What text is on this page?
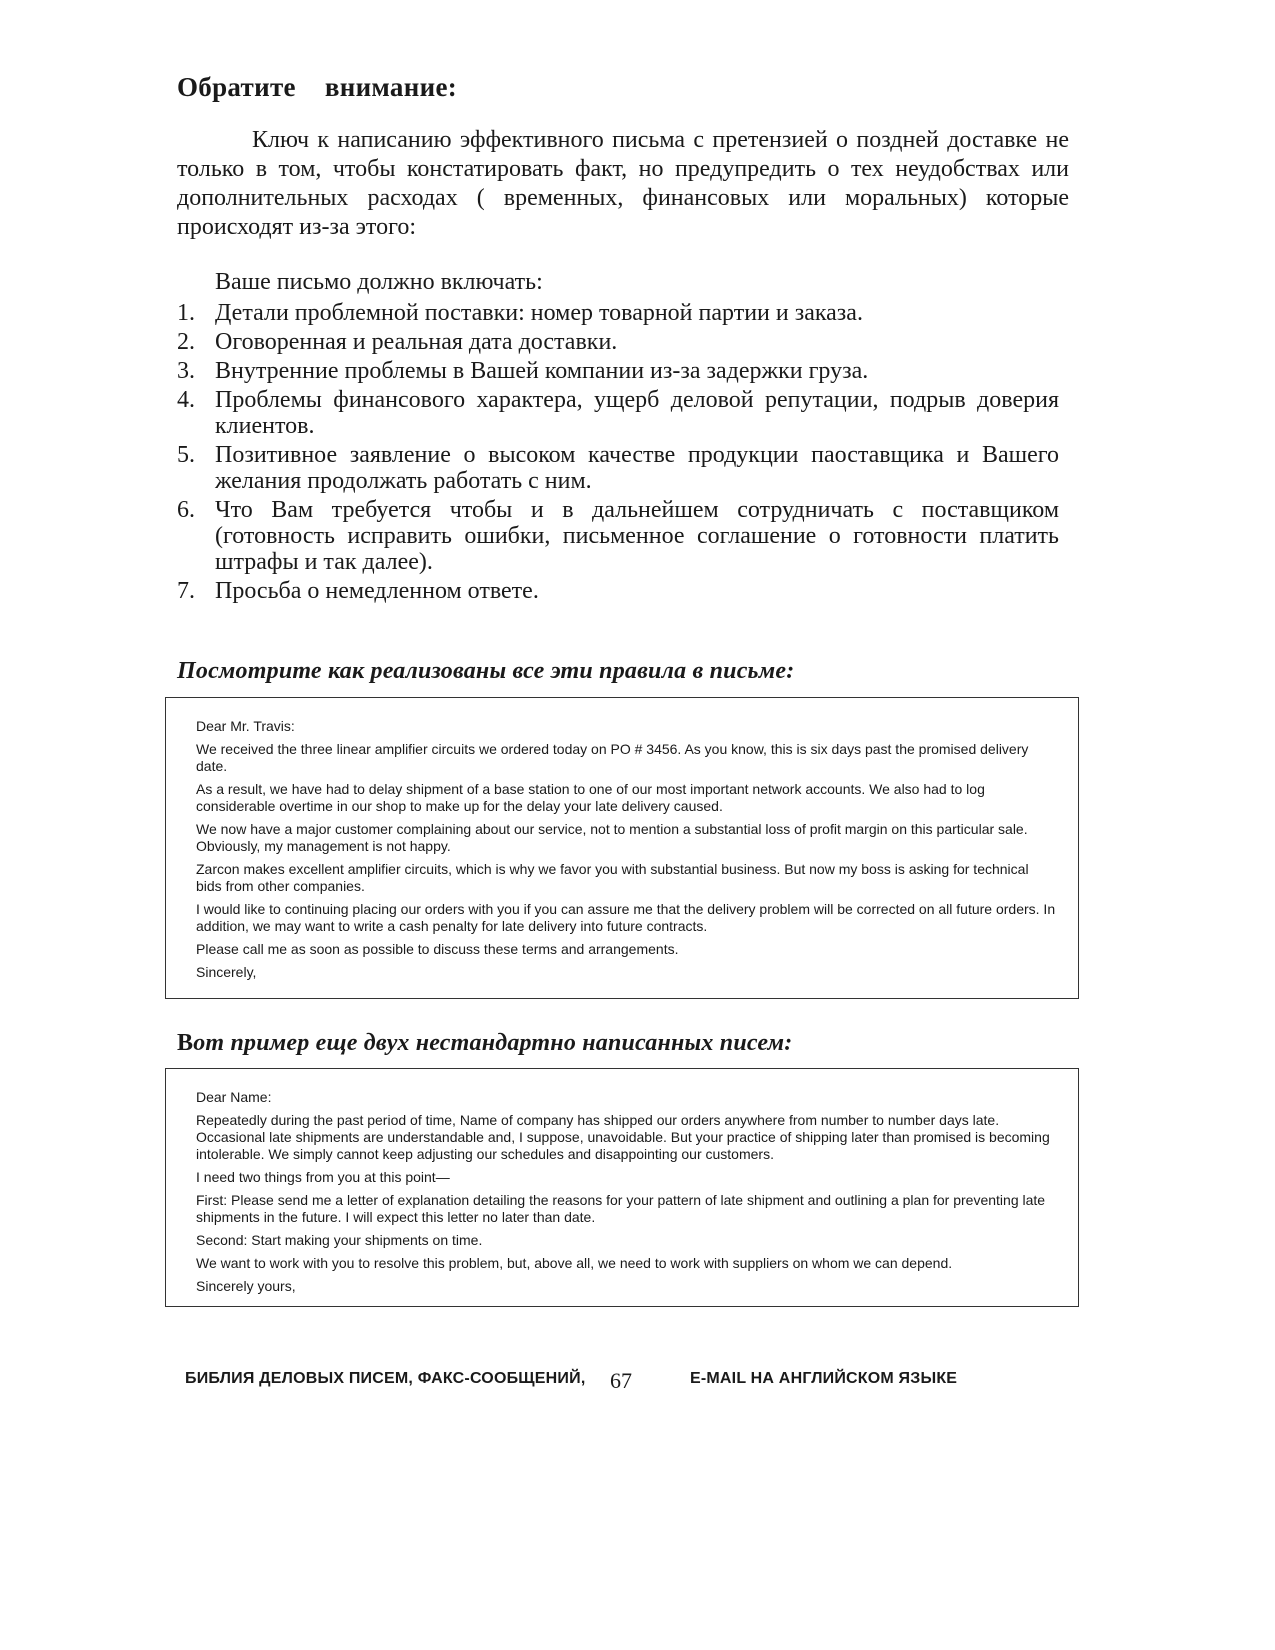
Обратите внимание:

Ключ к написанию эффективного письма с претензией о поздней доставке не только в том, чтобы констатировать факт, но предупредить о тех неудобствах или дополнительных расходах ( временных, финансовых или моральных) которые происходят из-за этого:

Ваше письмо должно включать:

1. Детали проблемной поставки: номер товарной партии и заказа.
2. Оговоренная и реальная дата доставки.
3. Внутренние проблемы в Вашей компании из-за задержки груза.
4. Проблемы финансового характера, ущерб деловой репутации, подрыв доверия клиентов.
5. Позитивное заявление о высоком качестве продукции паоставщика и Вашего желания продолжать работать с ним.
6. Что Вам требуется чтобы и в дальнейшем сотрудничать с поставщиком (готовность исправить ошибки, письменное соглашение о готовности платить штрафы и так далее).
7. Просьба о немедленном ответе.
Посмотрите как реализованы все эти правила в письме:

Dear Mr. Travis:

We received the three linear amplifier circuits we ordered today on PO # 3456. As you know, this is six days past the promised delivery date.

As a result, we have had to delay shipment of a base station to one of our most important network accounts. We also had to log considerable overtime in our shop to make up for the delay your late delivery caused.

We now have a major customer complaining about our service, not to mention a substantial loss of profit margin on this particular sale. Obviously, my management is not happy.

Zarcon makes excellent amplifier circuits, which is why we favor you with substantial business. But now my boss is asking for technical bids from other companies.

I would like to continuing placing our orders with you if you can assure me that the delivery problem will be corrected on all future orders. In addition, we may want to write a cash penalty for late delivery into future contracts.

Please call me as soon as possible to discuss these terms and arrangements.

Sincerely,

Вот пример еще двух нестандартно написанных писем:

Dear Name:

Repeatedly during the past period of time, Name of company has shipped our orders anywhere from number to number days late. Occasional late shipments are understandable and, I suppose, unavoidable. But your practice of shipping later than promised is becoming intolerable. We simply cannot keep adjusting our schedules and disappointing our customers.

I need two things from you at this point—

First: Please send me a letter of explanation detailing the reasons for your pattern of late shipment and outlining a plan for preventing late shipments in the future. I will expect this letter no later than date.

Second: Start making your shipments on time.

We want to work with you to resolve this problem, but, above all, we need to work with suppliers on whom we can depend.

Sincerely yours,

БИБЛИЯ ДЕЛОВЫХ ПИСЕМ, ФАКС-СООБЩЕНИЙ, 67	E-MAIL НА АНГЛИЙСКОМ ЯЗЫКЕ
